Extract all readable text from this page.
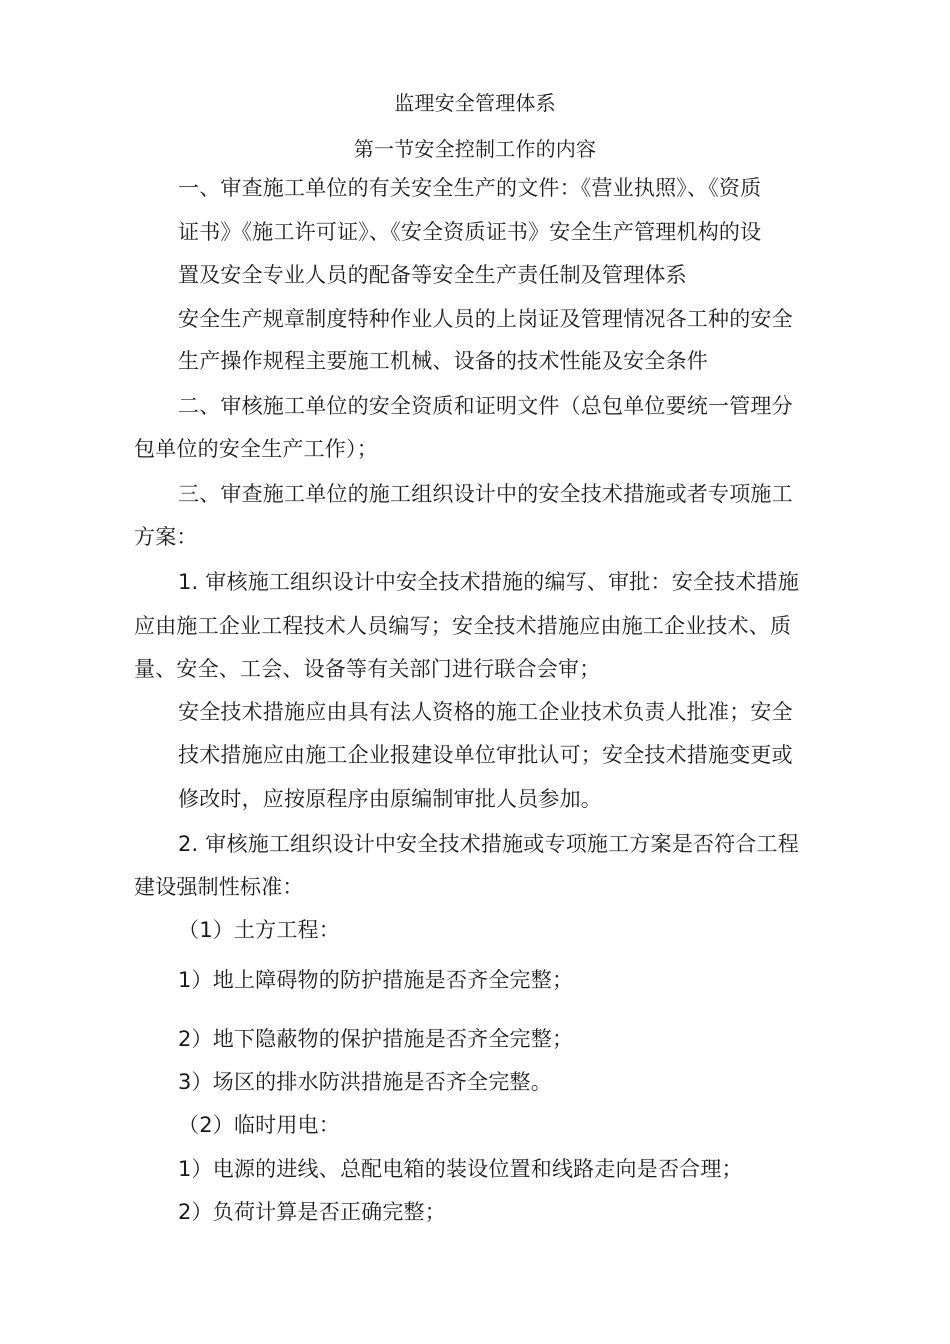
监理安全管理体系
第一节安全控制工作的内容
一、审查施工单位的有关安全生产的文件：《营业执照》、《资质
证书》《施工许可证》、《安全资质证书》安全生产管理机构的设
置及安全专业人员的配备等安全生产责任制及管理体系
安全生产规章制度特种作业人员的上岗证及管理情况各工种的安全
生产操作规程主要施工机械、设备的技术性能及安全条件
二、审核施工单位的安全资质和证明文件（总包单位要统一管理分
包单位的安全生产工作）；
三、审查施工单位的施工组织设计中的安全技术措施或者专项施工
方案：
1. 审核施工组织设计中安全技术措施的编写、审批：安全技术措施
应由施工企业工程技术人员编写；安全技术措施应由施工企业技术、质
量、安全、工会、设备等有关部门进行联合会审；
安全技术措施应由具有法人资格的施工企业技术负责人批准；安全
技术措施应由施工企业报建设单位审批认可；安全技术措施变更或
修改时，应按原程序由原编制审批人员参加。
2. 审核施工组织设计中安全技术措施或专项施工方案是否符合工程
建设强制性标准：
（1）土方工程：
1）地上障碍物的防护措施是否齐全完整；
2）地下隐蔽物的保护措施是否齐全完整；
3）场区的排水防洪措施是否齐全完整。
（2）临时用电：
1）电源的进线、总配电箱的装设位置和线路走向是否合理；
2）负荷计算是否正确完整；
